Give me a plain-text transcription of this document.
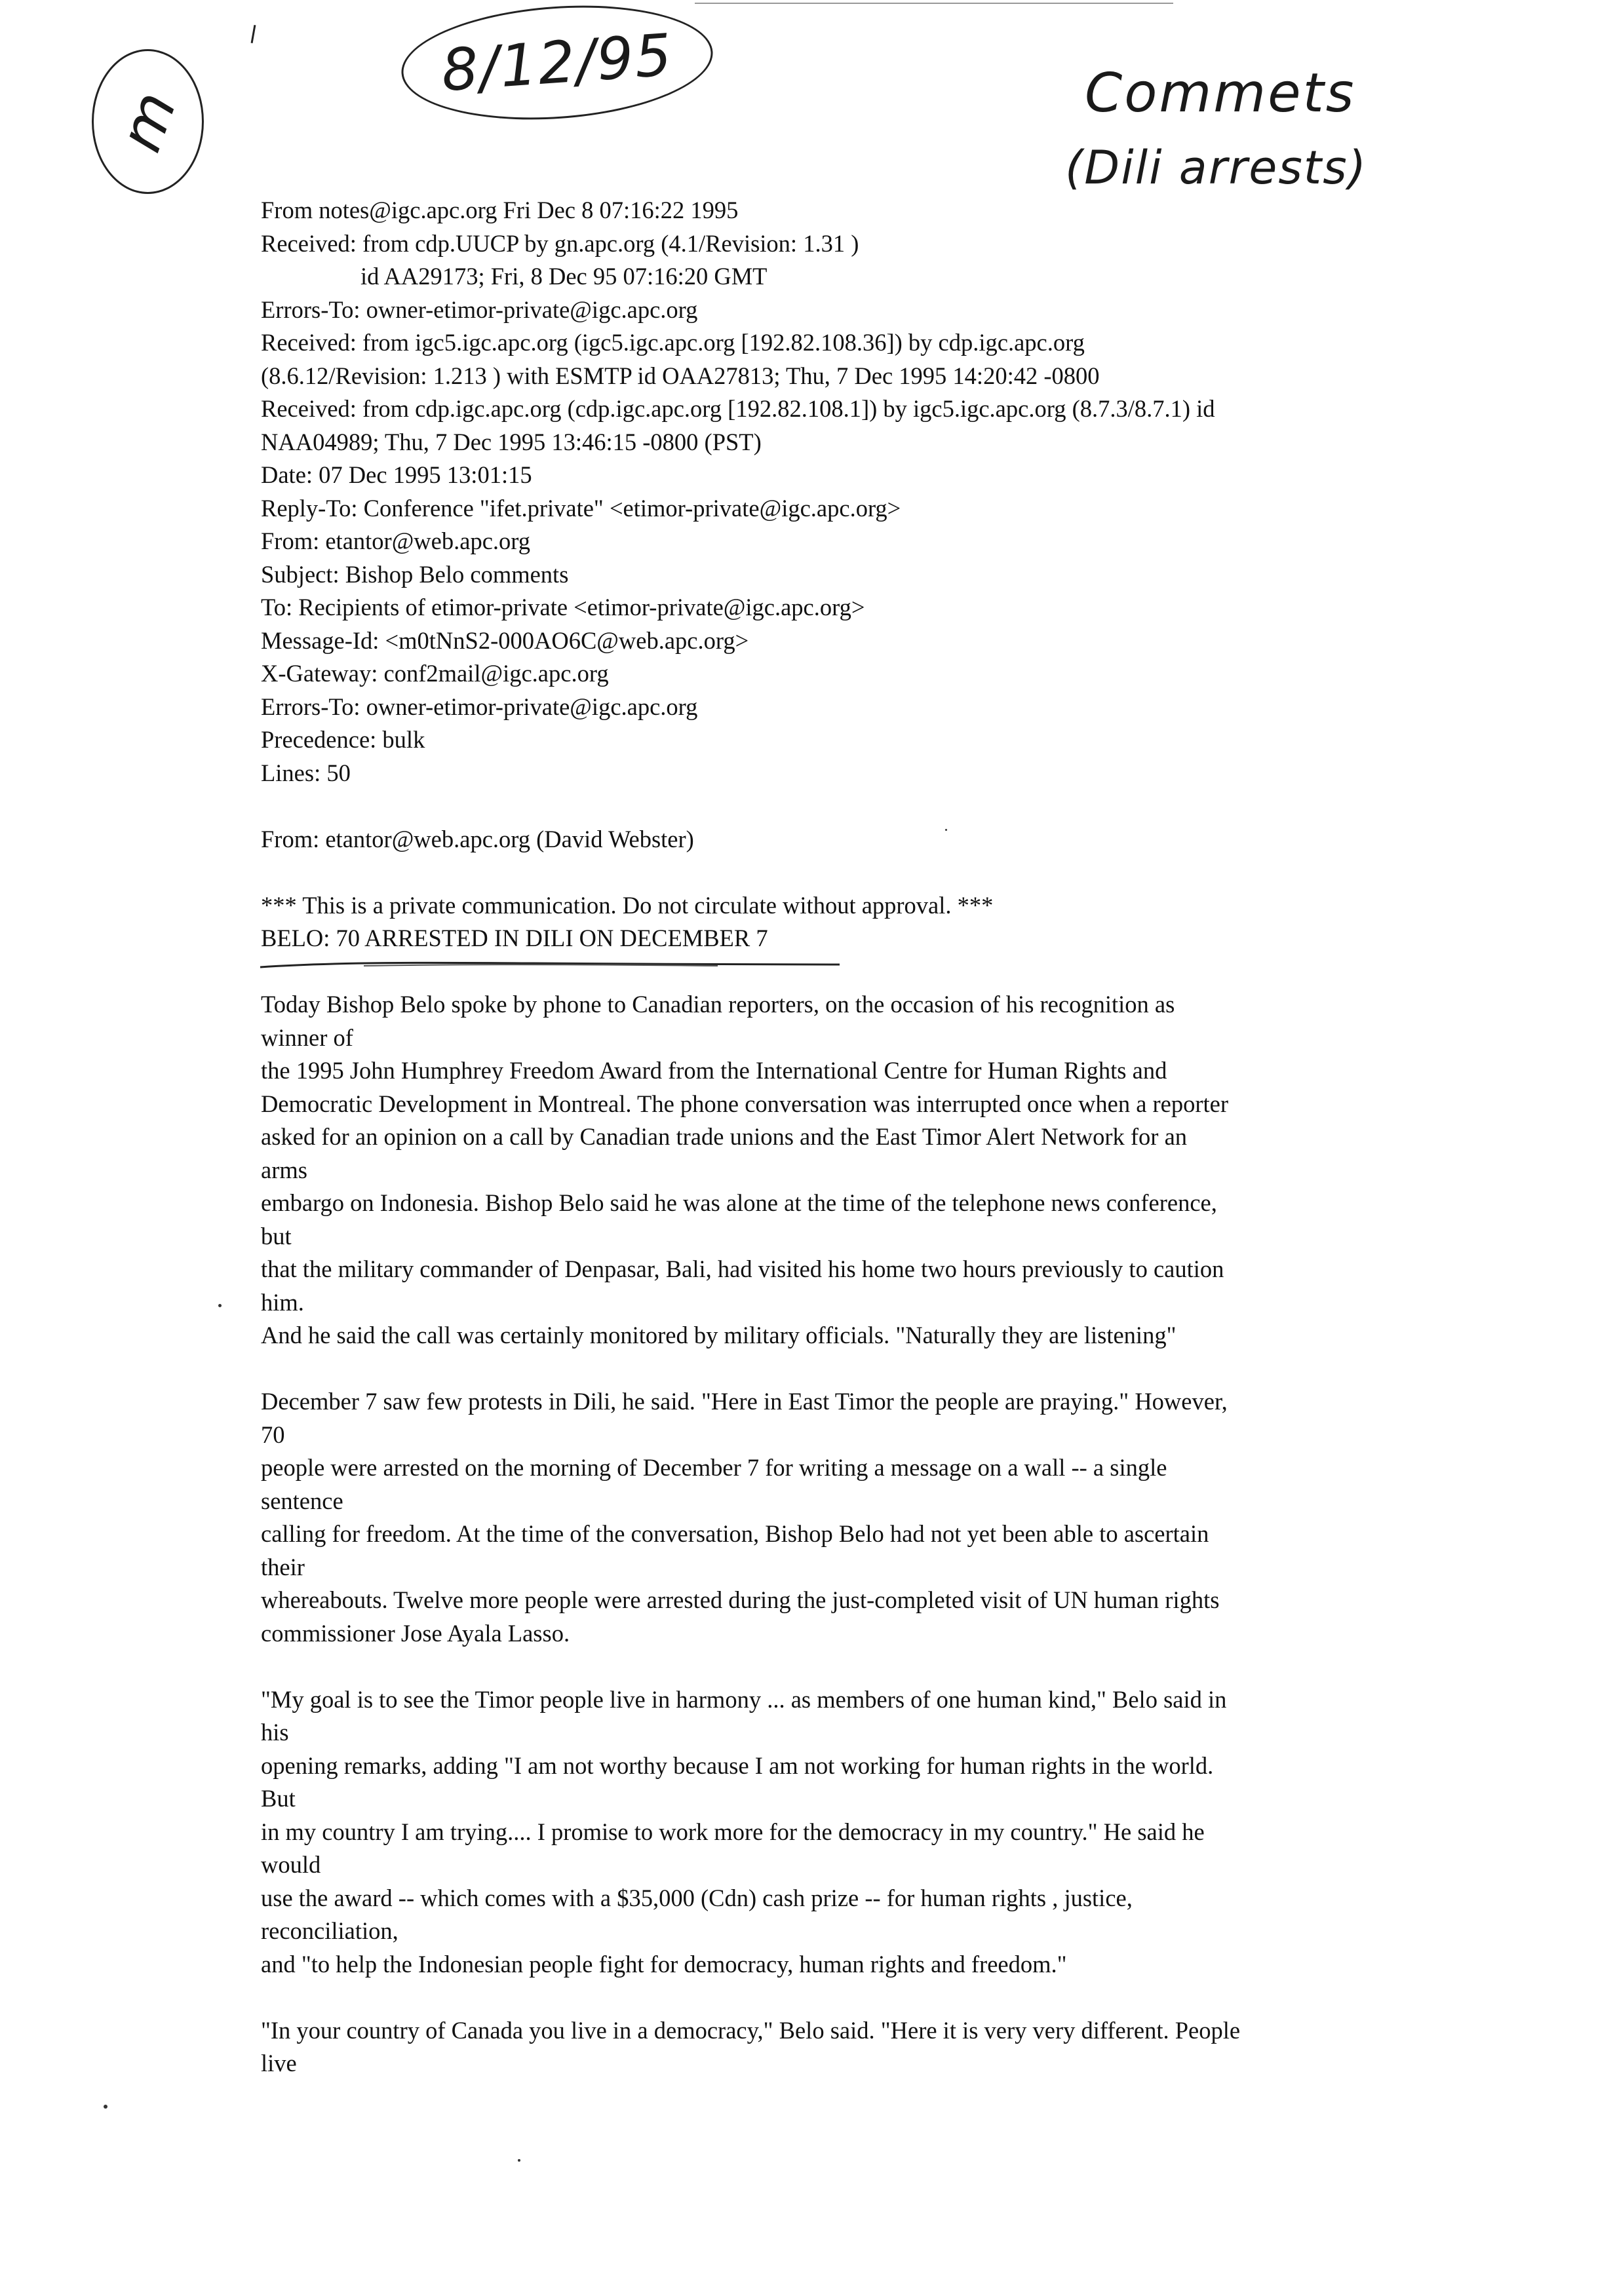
8/12/95
m	Commets
(Dili arrests)
From notes@igc.apc.org Fri Dec 8 07:16:22 1995
Received: from cdp.UUCP by gn.apc.org (4.1/Revision: 1.31 )
id AA29173; Fri, 8 Dec 95 07:16:20 GMT
Errors-To: owner-etimor-private@igc.apc.org
Received: from igc5.igc.apc.org (igc5.igc.apc.org [192.82.108.36]) by cdp.igc.apc.org
(8.6.12/Revision: 1.213 ) with ESMTP id OAA27813; Thu, 7 Dec 1995 14:20:42 -0800
Received: from cdp.igc.apc.org (cdp.igc.apc.org [192.82.108.1]) by igc5.igc.apc.org (8.7.3/8.7.1) id
NAA04989; Thu, 7 Dec 1995 13:46:15 -0800 (PST)
Date: 07 Dec 1995 13:01:15
Reply-To: Conference "ifet.private" <etimor-private@igc.apc.org>
From: etantor@web.apc.org
Subject: Bishop Belo comments
To: Recipients of etimor-private <etimor-private@igc.apc.org>
Message-Id: <m0tNnS2-000AO6C@web.apc.org>
X-Gateway: conf2mail@igc.apc.org
Errors-To: owner-etimor-private@igc.apc.org
Precedence: bulk
Lines: 50
From: etantor@web.apc.org (David Webster)
*** This is a private communication. Do not circulate without approval. ***
BELO: 70 ARRESTED IN DILI ON DECEMBER 7
Today Bishop Belo spoke by phone to Canadian reporters, on the occasion of his recognition as
winner of
the 1995 John Humphrey Freedom Award from the International Centre for Human Rights and
Democratic Development in Montreal. The phone conversation was interrupted once when a reporter
asked for an opinion on a call by Canadian trade unions and the East Timor Alert Network for an
arms
embargo on Indonesia. Bishop Belo said he was alone at the time of the telephone news conference,
but
that the military commander of Denpasar, Bali, had visited his home two hours previously to caution
him.
And he said the call was certainly monitored by military officials. "Naturally they are listening"
December 7 saw few protests in Dili, he said. "Here in East Timor the people are praying." However,
70
people were arrested on the morning of December 7 for writing a message on a wall -- a single
sentence
calling for freedom. At the time of the conversation, Bishop Belo had not yet been able to ascertain
their
whereabouts. Twelve more people were arrested during the just-completed visit of UN human rights
commissioner Jose Ayala Lasso.
"My goal is to see the Timor people live in harmony ... as members of one human kind," Belo said in
his
opening remarks, adding "I am not worthy because I am not working for human rights in the world.
But
in my country I am trying.... I promise to work more for the democracy in my country." He said he
would
use the award -- which comes with a $35,000 (Cdn) cash prize -- for human rights , justice,
reconciliation,
and "to help the Indonesian people fight for democracy, human rights and freedom."
"In your country of Canada you live in a democracy," Belo said. "Here it is very very different. People
live
